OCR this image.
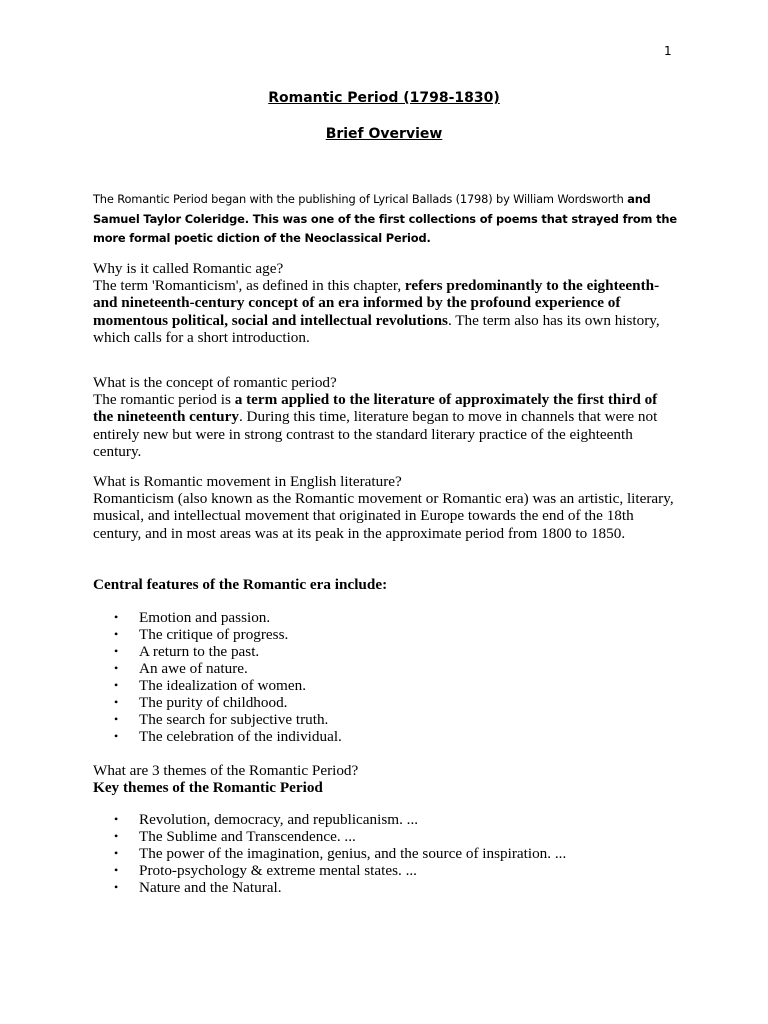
1
Romantic Period (1798-1830)
Brief Overview
The Romantic Period began with the publishing of Lyrical Ballads (1798) by William Wordsworth and Samuel Taylor Coleridge. This was one of the first collections of poems that strayed from the more formal poetic diction of the Neoclassical Period.
Why is it called Romantic age?
The term 'Romanticism', as defined in this chapter, refers predominantly to the eighteenth-and nineteenth-century concept of an era informed by the profound experience of momentous political, social and intellectual revolutions. The term also has its own history, which calls for a short introduction.
What is the concept of romantic period?
The romantic period is a term applied to the literature of approximately the first third of the nineteenth century. During this time, literature began to move in channels that were not entirely new but were in strong contrast to the standard literary practice of the eighteenth century.
What is Romantic movement in English literature?
Romanticism (also known as the Romantic movement or Romantic era) was an artistic, literary, musical, and intellectual movement that originated in Europe towards the end of the 18th century, and in most areas was at its peak in the approximate period from 1800 to 1850.
Central features of the Romantic era include:
• Emotion and passion.
• The critique of progress.
• A return to the past.
• An awe of nature.
• The idealization of women.
• The purity of childhood.
• The search for subjective truth.
• The celebration of the individual.
What are 3 themes of the Romantic Period?
Key themes of the Romantic Period
• Revolution, democracy, and republicanism. ...
• The Sublime and Transcendence. ...
• The power of the imagination, genius, and the source of inspiration. ...
• Proto-psychology & extreme mental states. ...
• Nature and the Natural.
